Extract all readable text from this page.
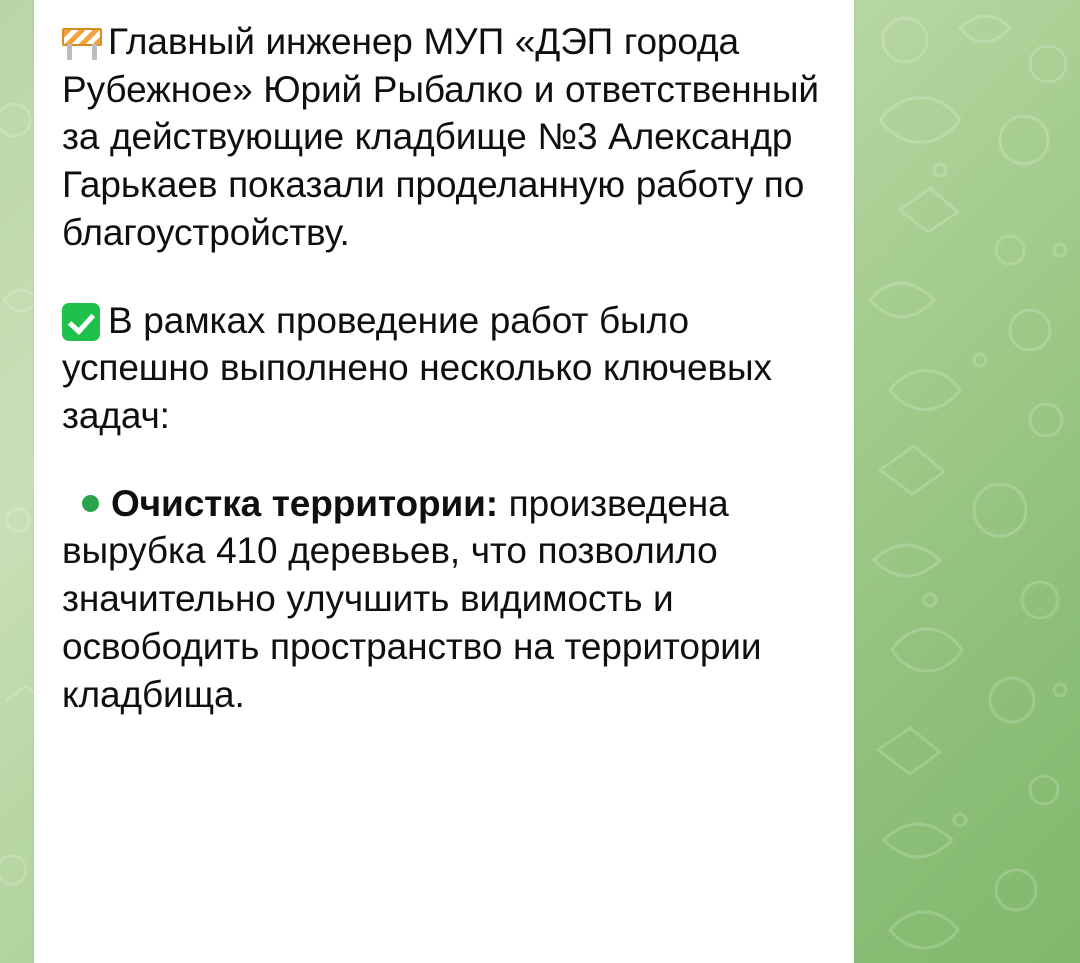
Главный инженер МУП «ДЭП города Рубежное» Юрий Рыбалко и ответственный за действующие кладбище №3 Александр Гарькаев показали проделанную работу по благоустройству.

В рамках проведение работ было успешно выполнено несколько ключевых задач:

Очистка территории: произведена вырубка 410 деревьев, что позволило значительно улучшить видимость и освободить пространство на территории кладбища.
